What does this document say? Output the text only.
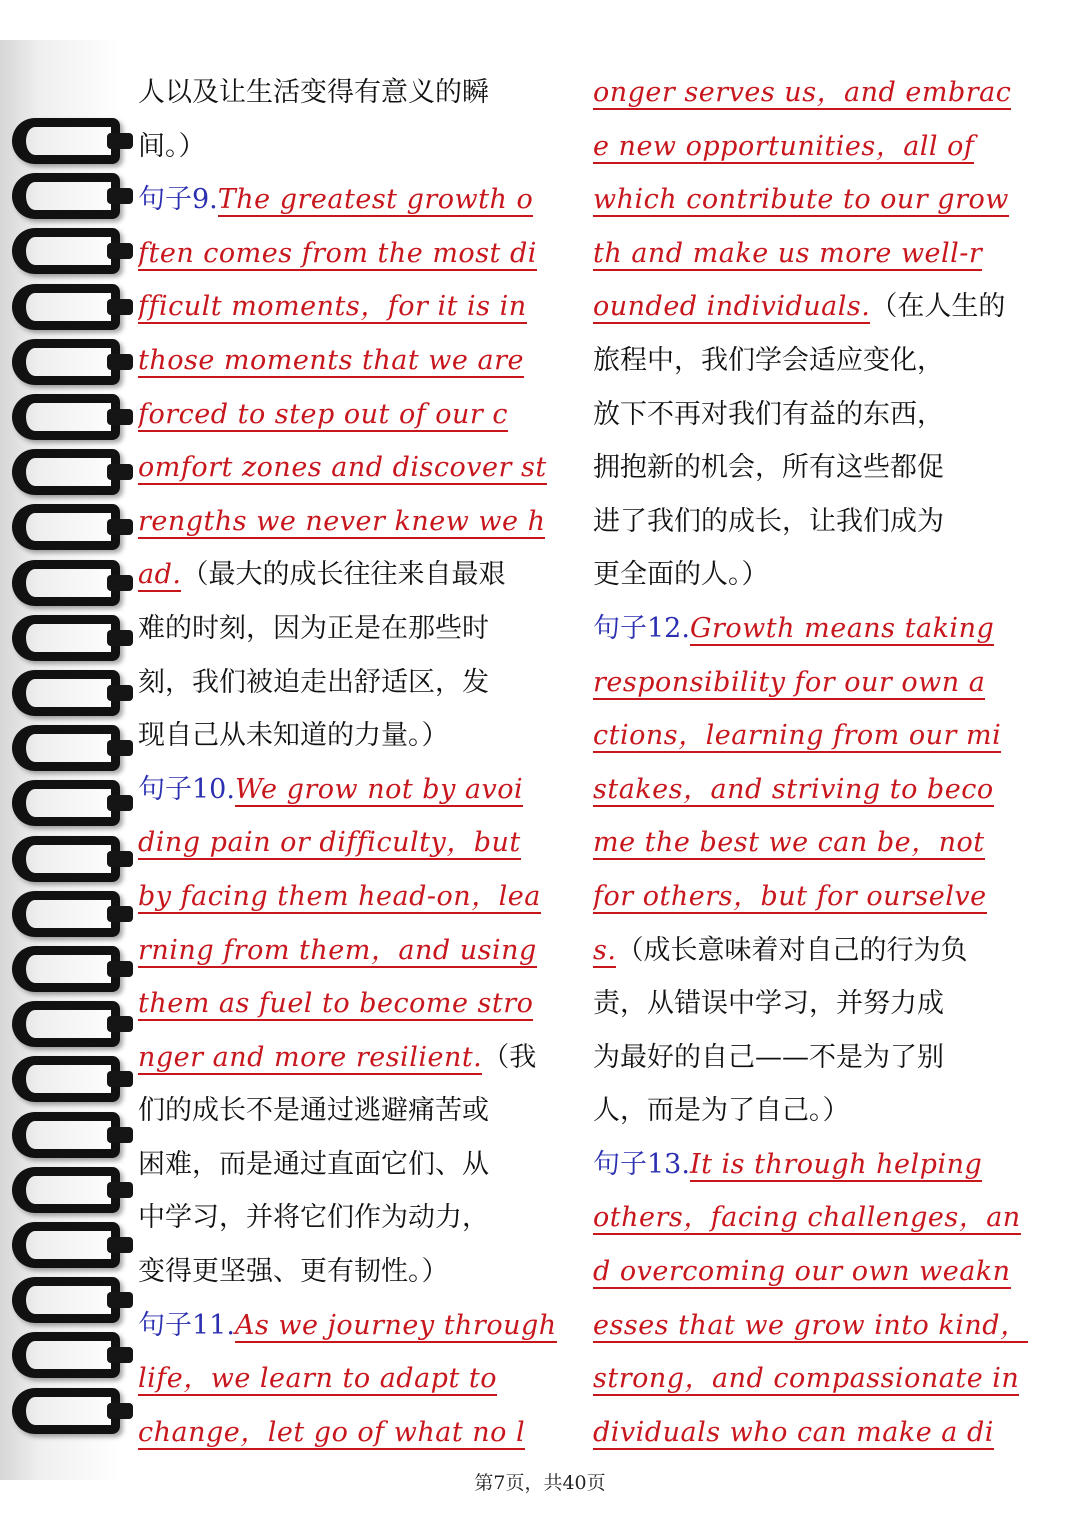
人以及让生活变得有意义的瞬
间。）
句子9.The greatest growth o
ften comes from the most di
fficult moments，for it is in
those moments that we are
forced to step out of our c
omfort zones and discover st
rengths we never knew we h
ad.（最大的成长往往来自最艰
难的时刻，因为正是在那些时
刻，我们被迫走出舒适区，发
现自己从未知道的力量。）
句子10.We grow not by avoi
ding pain or difficulty，but
by facing them head-on，lea
rning from them，and using
them as fuel to become stro
nger and more resilient.（我
们的成长不是通过逃避痛苦或
困难，而是通过直面它们、从
中学习，并将它们作为动力，
变得更坚强、更有韧性。）
句子11.As we journey through
life，we learn to adapt to
change，let go of what no l
onger serves us，and embrac
e new opportunities，all of
which contribute to our grow
th and make us more well-r
ounded individuals.（在人生的
旅程中，我们学会适应变化，
放下不再对我们有益的东西，
拥抱新的机会，所有这些都促
进了我们的成长，让我们成为
更全面的人。）
句子12.Growth means taking
responsibility for our own a
ctions，learning from our mi
stakes，and striving to beco
me the best we can be，not
for others，but for ourselve
s.（成长意味着对自己的行为负
责，从错误中学习，并努力成
为最好的自己——不是为了别
人，而是为了自己。）
句子13.It is through helping
others，facing challenges，an
d overcoming our own weakn
esses that we grow into kind，
strong，and compassionate in
dividuals who can make a di
第7页，共40页
